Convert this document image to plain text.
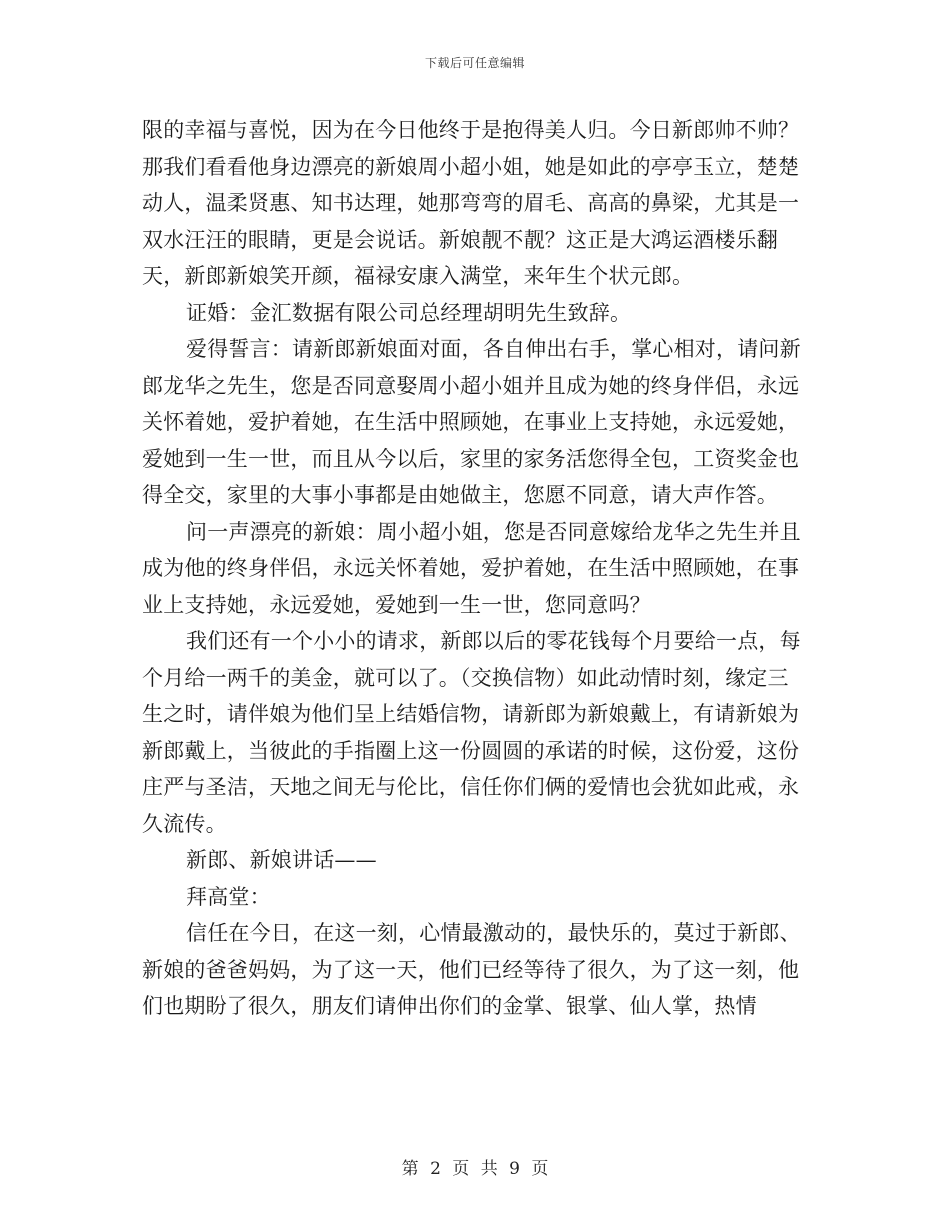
下载后可任意编辑

限的幸福与喜悦，因为在今日他终于是抱得美人归。今日新郎帅不帅？那我们看看他身边漂亮的新娘周小超小姐，她是如此的亭亭玉立，楚楚动人，温柔贤惠、知书达理，她那弯弯的眉毛、高高的鼻梁，尤其是一双水汪汪的眼睛，更是会说话。新娘靓不靓？这正是大鸿运酒楼乐翻天，新郎新娘笑开颜，福禄安康入满堂，来年生个状元郎。

证婚：金汇数据有限公司总经理胡明先生致辞。

爱得誓言：请新郎新娘面对面，各自伸出右手，掌心相对，请问新郎龙华之先生，您是否同意娶周小超小姐并且成为她的终身伴侣，永远关怀着她，爱护着她，在生活中照顾她，在事业上支持她，永远爱她，爱她到一生一世，而且从今以后，家里的家务活您得全包，工资奖金也得全交，家里的大事小事都是由她做主，您愿不同意，请大声作答。

问一声漂亮的新娘：周小超小姐，您是否同意嫁给龙华之先生并且成为他的终身伴侣，永远关怀着她，爱护着她，在生活中照顾她，在事业上支持她，永远爱她，爱她到一生一世，您同意吗？

我们还有一个小小的请求，新郎以后的零花钱每个月要给一点，每个月给一两千的美金，就可以了。（交换信物）如此动情时刻，缘定三生之时，请伴娘为他们呈上结婚信物，请新郎为新娘戴上，有请新娘为新郎戴上，当彼此的手指圈上这一份圆圆的承诺的时候，这份爱，这份庄严与圣洁，天地之间无与伦比，信任你们俩的爱情也会犹如此戒，永久流传。

新郎、新娘讲话——

拜高堂：

信任在今日，在这一刻，心情最激动的，最快乐的，莫过于新郎、新娘的爸爸妈妈，为了这一天，他们已经等待了很久，为了这一刻，他们也期盼了很久，朋友们请伸出你们的金掌、银掌、仙人掌，热情

第 2 页 共 9 页
